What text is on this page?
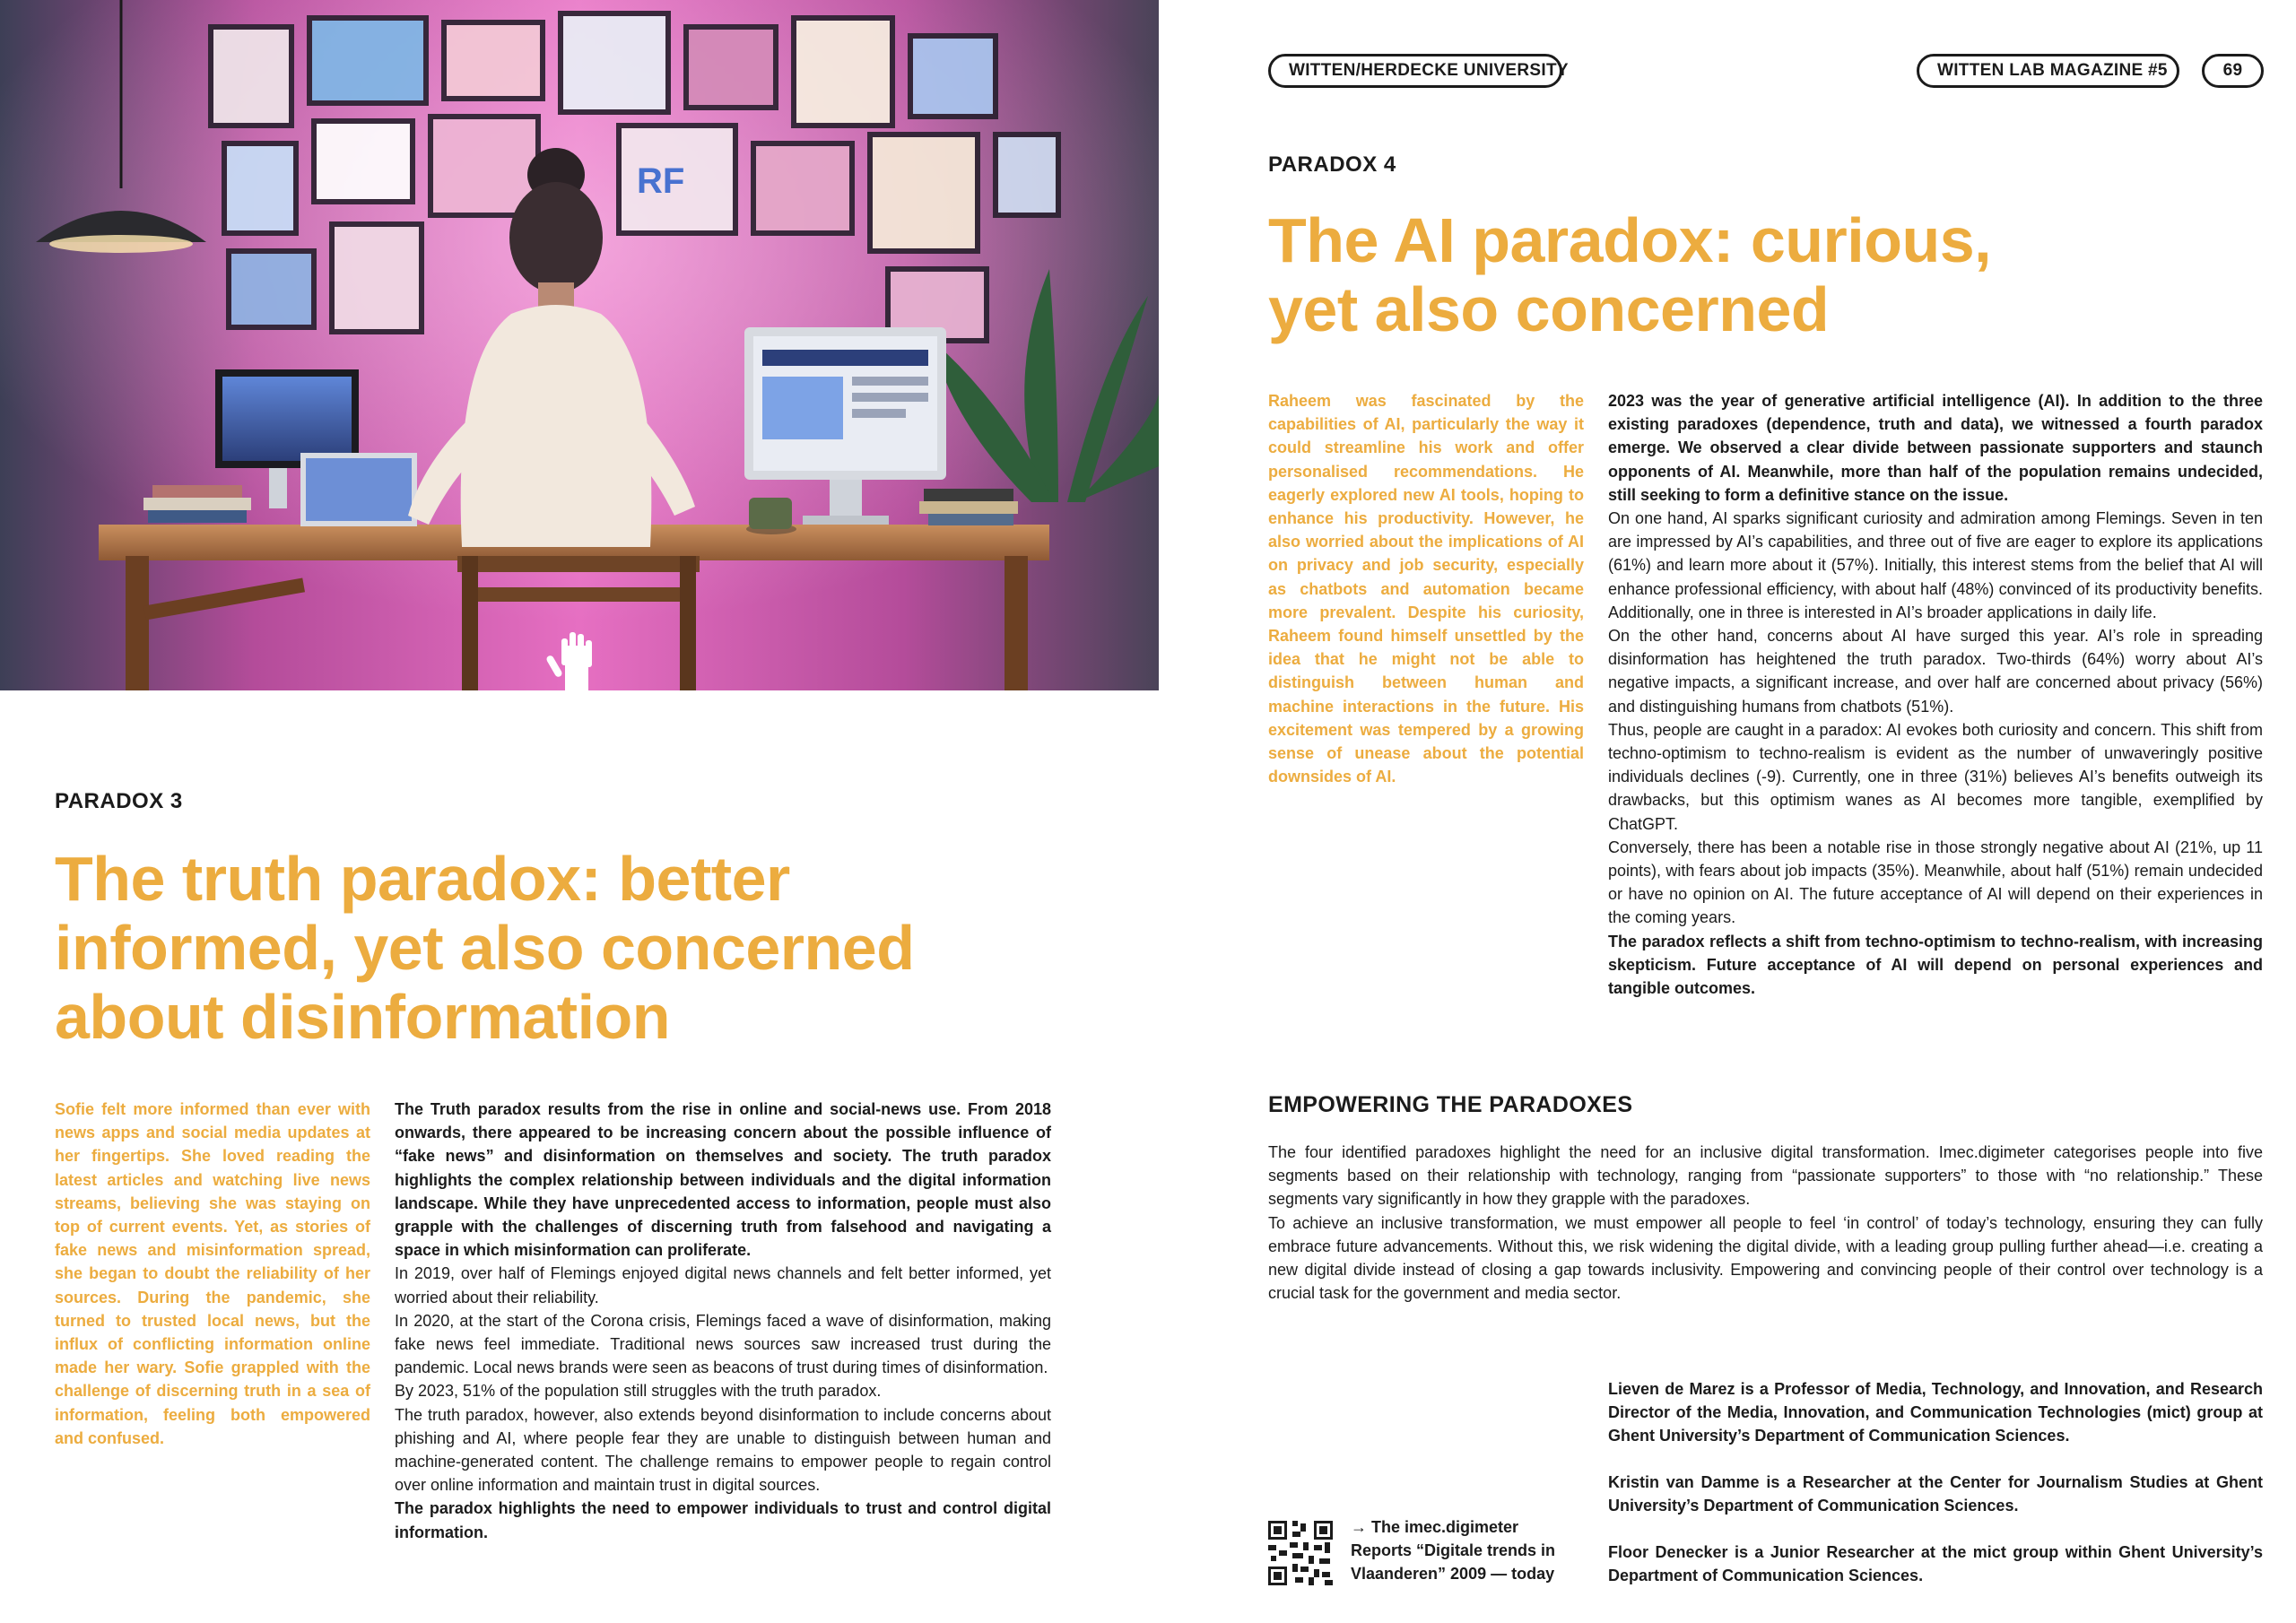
RF
WITTEN/HERDECKE UNIVERSITY	WITTEN LAB MAGAZINE #5	69
PARADOX 3
The truth paradox: better
informed, yet also concerned
about disinformation

Sofie felt more informed than ever with news apps and social media updates at her fingertips. She loved reading the latest articles and watching live news streams, believing she was staying on top of current events. Yet, as stories of fake news and misinformation spread, she began to doubt the reliability of her sources. During the pandemic, she turned to trusted local news, but the influx of conflicting information online made her wary. Sofie grappled with the challenge of discerning truth in a sea of information, feeling both empowered and confused.

The Truth paradox results from the rise in online and social-news use. From 2018 onwards, there appeared to be increasing concern about the possible influence of “fake news” and disinformation on themselves and society. The truth paradox highlights the complex relationship between individuals and the digital information landscape. While they have unprecedented access to information, people must also grapple with the challenges of discerning truth from falsehood and navigating a space in which misinformation can proliferate.

In 2019, over half of Flemings enjoyed digital news channels and felt better informed, yet worried about their reliability.

In 2020, at the start of the Corona crisis, Flemings faced a wave of disinformation, making fake news feel immediate. Traditional news sources saw increased trust during the pandemic. Local news brands were seen as beacons of trust during times of disinformation.

By 2023, 51% of the population still struggles with the truth paradox.

The truth paradox, however, also extends beyond disinformation to include concerns about phishing and AI, where people fear they are unable to distinguish between human and machine-generated content. The challenge remains to empower people to regain control over online information and maintain trust in digital sources.

The paradox highlights the need to empower individuals to trust and control digital information.

PARADOX 4
The AI paradox: curious,
yet also concerned

Raheem was fascinated by the capabilities of AI, particularly the way it could streamline his work and offer personalised recommendations. He eagerly explored new AI tools, hoping to enhance his productivity. However, he also worried about the implications of AI on privacy and job security, especially as chatbots and automation became more prevalent. Despite his curiosity, Raheem found himself unsettled by the idea that he might not be able to distinguish between human and machine interactions in the future. His excitement was tempered by a growing sense of unease about the potential downsides of AI.

2023 was the year of generative artificial intelligence (AI). In addition to the three existing paradoxes (dependence, truth and data), we witnessed a fourth paradox emerge. We observed a clear divide between passionate supporters and staunch opponents of AI. Meanwhile, more than half of the population remains undecided, still seeking to form a definitive stance on the issue.

On one hand, AI sparks significant curiosity and admiration among Flemings. Seven in ten are impressed by AI’s capabilities, and three out of five are eager to explore its applications (61%) and learn more about it (57%). Initially, this interest stems from the belief that AI will enhance professional efficiency, with about half (48%) convinced of its productivity benefits. Additionally, one in three is interested in AI’s broader applications in daily life.

On the other hand, concerns about AI have surged this year. AI’s role in spreading disinformation has heightened the truth paradox. Two-thirds (64%) worry about AI’s negative impacts, a significant increase, and over half are concerned about privacy (56%) and distinguishing humans from chatbots (51%).

Thus, people are caught in a paradox: AI evokes both curiosity and concern. This shift from techno-optimism to techno-realism is evident as the number of unwaveringly positive individuals declines (-9). Currently, one in three (31%) believes AI’s benefits outweigh its drawbacks, but this optimism wanes as AI becomes more tangible, exemplified by ChatGPT.

Conversely, there has been a notable rise in those strongly negative about AI (21%, up 11 points), with fears about job impacts (35%). Meanwhile, about half (51%) remain undecided or have no opinion on AI. The future acceptance of AI will depend on their experiences in the coming years.

The paradox reflects a shift from techno-optimism to techno-realism, with increasing skepticism. Future acceptance of AI will depend on personal experiences and tangible outcomes.

EMPOWERING THE PARADOXES

The four identified paradoxes highlight the need for an inclusive digital transformation. Imec.digimeter categorises people into five segments based on their relationship with technology, ranging from “passionate supporters” to those with “no relationship.” These segments vary significantly in how they grapple with the paradoxes.

To achieve an inclusive transformation, we must empower all people to feel ‘in control’ of today’s technology, ensuring they can fully embrace future advancements. Without this, we risk widening the digital divide, with a leading group pulling further ahead—i.e. creating a new digital divide instead of closing a gap towards inclusivity. Empowering and convincing people of their control over technology is a crucial task for the government and media sector.

Lieven de Marez is a Professor of Media, Technology, and Innovation, and Research Director of the Media, Innovation, and Communication Technologies (mict) group at Ghent University’s Department of Communication Sciences.

Kristin van Damme is a Researcher at the Center for Journalism Studies at Ghent University’s Department of Communication Sciences.

Floor Denecker is a Junior Researcher at the mict group within Ghent University’s Department of Communication Sciences.

→ The imec.digimeter
Reports “Digitale trends in
Vlaanderen” 2009 — today
